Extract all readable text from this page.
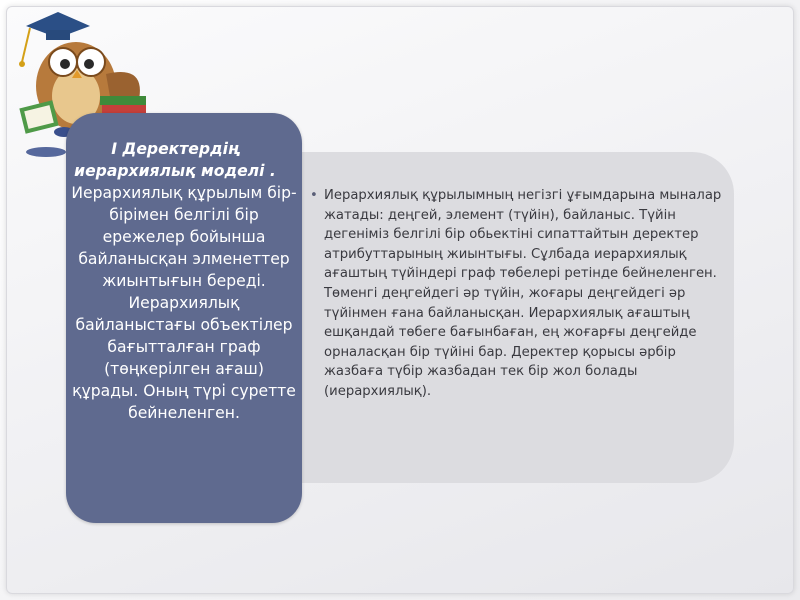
• Иерархиялық құрылымның негізгі ұғымдарына мыналар жатады: деңгей, элемент (түйін), байланыс. Түйін дегеніміз белгілі бір обьектіні сипаттайтын деректер атрибуттарының жиынтығы. Сұлбада иерархиялық ағаштың түйіндері граф төбелері ретінде бейнеленген. Төменгі деңгейдегі әр түйін, жоғары деңгейдегі әр түйінмен ғана байланысқан. Иерархиялық ағаштың ешқандай төбеге бағынбаған, ең жоғарғы деңгейде орналасқан бір түйіні бар. Деректер қорысы әрбір жазбаға түбір жазбадан тек бір жол болады (иерархиялық).
І Деректердің иерархиялық моделі .
Иерархиялық құрылым бір-бірімен белгілі бір ережелер бойынша байланысқан элменеттер жиынтығын береді. Иерархиялық байланыстағы объектілер бағытталған граф (төңкерілген ағаш) құрады. Оның түрі суретте бейнеленген.
